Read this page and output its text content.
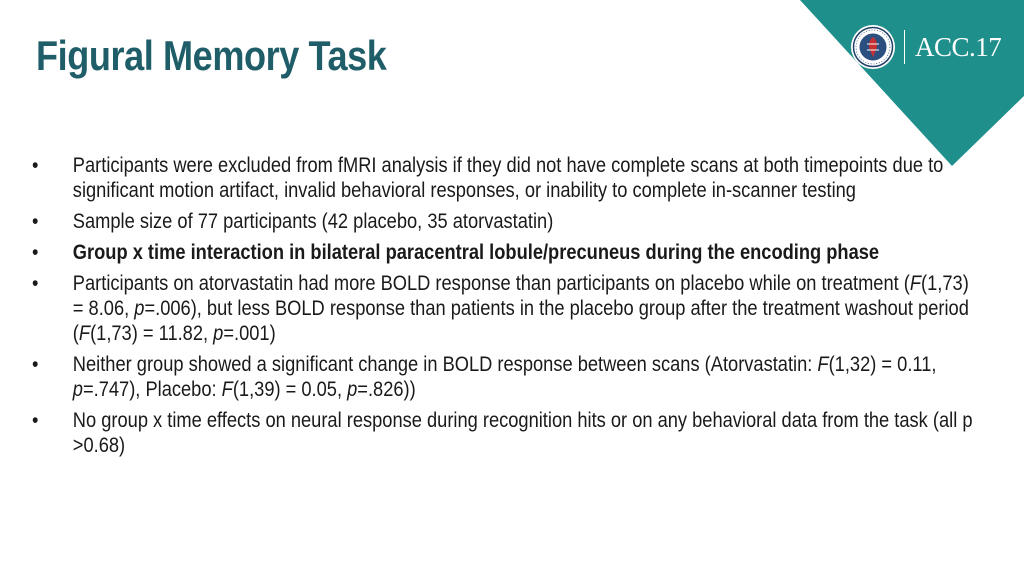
ACC.17
Figural Memory Task
•	Participants were excluded from fMRI analysis if they did not have complete scans at both timepoints due to significant motion artifact, invalid behavioral responses, or inability to complete in-scanner testing
•	Sample size of 77 participants (42 placebo, 35 atorvastatin)
•	Group x time interaction in bilateral paracentral lobule/precuneus during the encoding phase
•	Participants on atorvastatin had more BOLD response than participants on placebo while on treatment (F(1,73) = 8.06, p=.006), but less BOLD response than patients in the placebo group after the treatment washout period (F(1,73) = 11.82, p=.001)
•	Neither group showed a significant change in BOLD response between scans (Atorvastatin: F(1,32) = 0.11, p=.747), Placebo: F(1,39) = 0.05, p=.826))
•	No group x time effects on neural response during recognition hits or on any behavioral data from the task (all p >0.68)
